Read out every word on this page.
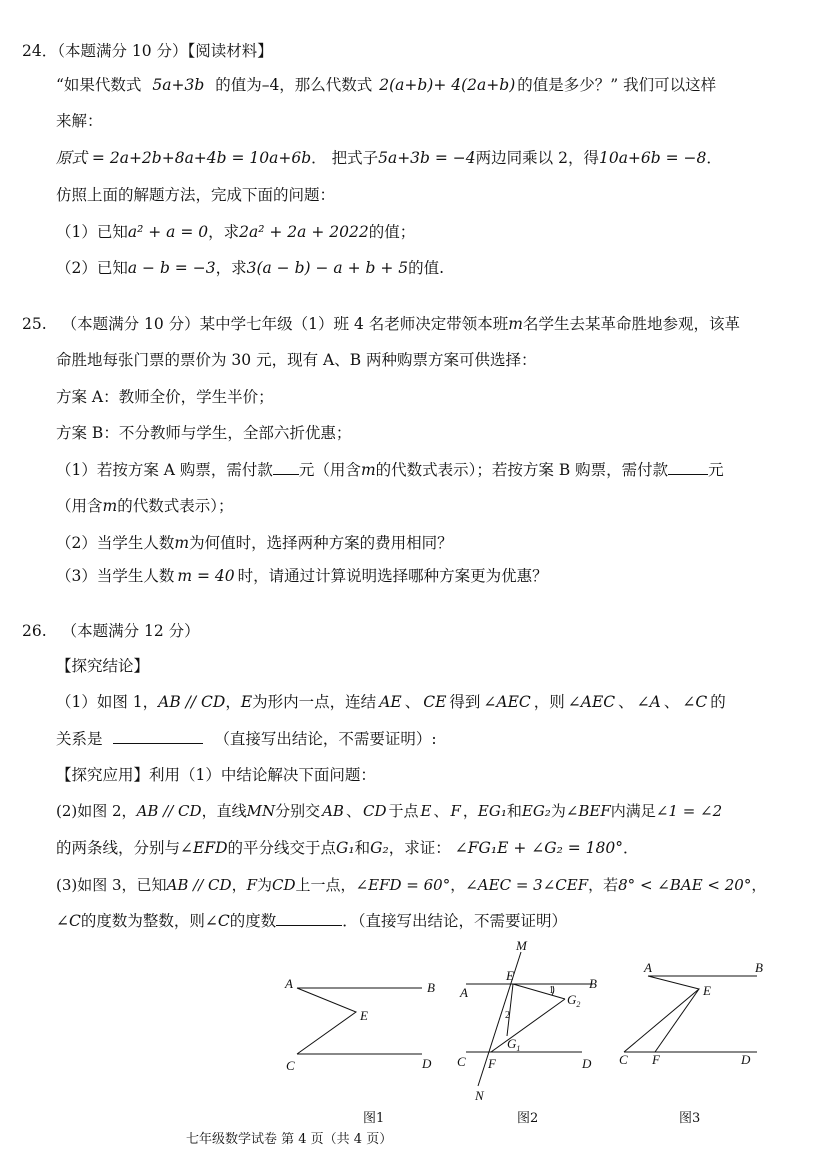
24．（本题满分 10 分）【阅读材料】
“如果代数式 5a+3b 的值为–4，那么代数式 2(a+b)+ 4(2a+b) 的值是多少？” 我们可以这样
来解：
原式 = 2a+2b+8a+4b = 10a+6b． 把式子5a+3b = −4两边同乘以 2，得10a+6b = −8．
仿照上面的解题方法，完成下面的问题：
（1）已知a² + a = 0，求2a² + 2a + 2022的值；
（2）已知a − b = −3，求3(a − b) − a + b + 5的值.
25. （本题满分 10 分）某中学七年级（1）班 4 名老师决定带领本班m名学生去某革命胜地参观，该革
命胜地每张门票的票价为 30 元，现有 A、B 两种购票方案可供选择：
方案 A：教师全价，学生半价；
方案 B：不分教师与学生，全部六折优惠；
（1）若按方案 A 购票，需付款 元（用含m的代数式表示）；若按方案 B 购票，需付款	元
（用含m的代数式表示）；
（2）当学生人数m为何值时，选择两种方案的费用相同？
（3）当学生人数 m = 40 时，请通过计算说明选择哪种方案更为优惠？
26. （本题满分 12 分）
【探究结论】
（1）如图 1，AB // CD，E为形内一点，连结 AE 、 CE 得到 ∠AEC ，则 ∠AEC 、 ∠A 、 ∠C 的
关系是	（直接写出结论，不需要证明）:
【探究应用】利用（1）中结论解决下面问题：
(2)如图 2，AB // CD，直线MN分别交 AB 、 CD 于点 E 、 F ，EG₁和EG₂为∠BEF内满足∠1 = ∠2
的两条线，分别与∠EFD的平分线交于点G₁和G₂，求证： ∠FG₁E + ∠G₂ = 180°．
(3)如图 3，已知AB // CD，F为CD上一点，∠EFD = 60°，∠AEC = 3∠CEF，若8° < ∠BAE < 20°，
∠C的度数为整数，则∠C的度数	．（直接写出结论，不需要证明）
A	B
C	D
E
M
N
A
B
C	D
E
F
$G_1$
$G_2$
1
2
A	B
C	D
E
F
图1	图2	图3
七年级数学试卷 第 4 页（共 4 页）
